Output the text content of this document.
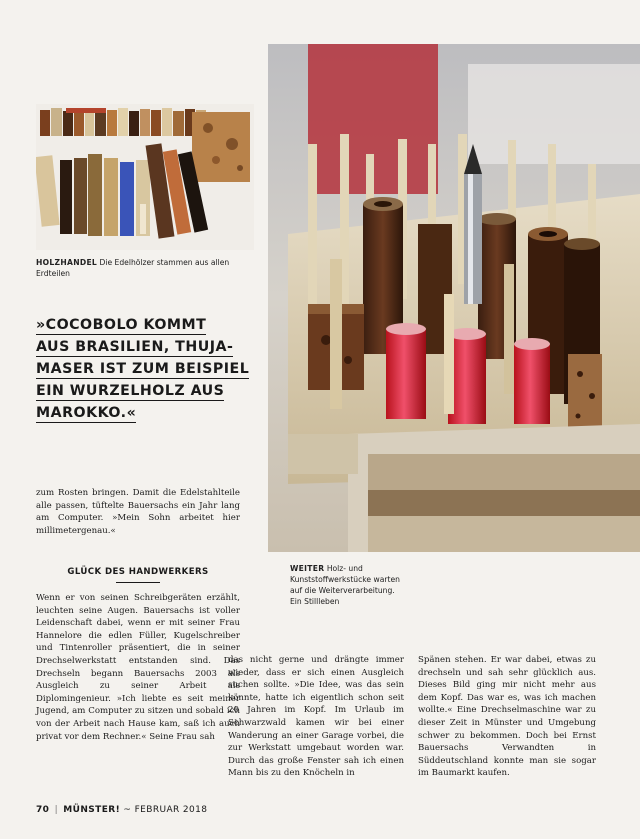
HOLZHANDEL Die Edelhölzer stammen aus allen Erdteilen
»COCOBOLO KOMMT
AUS BRASILIEN, THUJA-
MASER IST ZUM BEISPIEL
EIN WURZELHOLZ AUS
MAROKKO.«
WEITER Holz- und Kunststoffwerkstücke warten auf die Weiterverarbeitung. Ein Stillleben
zum Rosten bringen. Damit die Edelstahlteile alle passen, tüftelte Bauersachs ein Jahr lang am Computer. »Mein Sohn arbeitet hier millimetergenau.«
GLÜCK DES HANDWERKERS
Wenn er von seinen Schreibgeräten erzählt, leuchten seine Augen. Bauersachs ist voller Leidenschaft dabei, wenn er mit seiner Frau Hannelore die edlen Füller, Kugelschreiber und Tintenroller präsentiert, die in seiner Drechselwerkstatt entstanden sind. Das Drechseln begann Bauersachs 2003 als Ausgleich zu seiner Arbeit als Diplomingenieur. »Ich liebte es seit meiner Jugend, am Computer zu sitzen und sobald ich von der Arbeit nach Hause kam, saß ich auch privat vor dem Rechner.« Seine Frau sah
das nicht gerne und drängte immer wieder, dass er sich einen Ausgleich suchen sollte. »Die Idee, was das sein könnte, hatte ich eigentlich schon seit 20 Jahren im Kopf. Im Urlaub im Schwarzwald kamen wir bei einer Wanderung an einer Garage vorbei, die zur Werkstatt umgebaut worden war. Durch das große Fenster sah ich einen Mann bis zu den Knöcheln in
Spänen stehen. Er war dabei, etwas zu drechseln und sah sehr glücklich aus. Dieses Bild ging mir nicht mehr aus dem Kopf. Das war es, was ich machen wollte.« Eine Drechselmaschine war zu dieser Zeit in Münster und Umgebung schwer zu bekommen. Doch bei Ernst Bauersachs Verwandten in Süddeutschland konnte man sie sogar im Baumarkt kaufen.
70 | MÜNSTER! ~ FEBRUAR 2018
